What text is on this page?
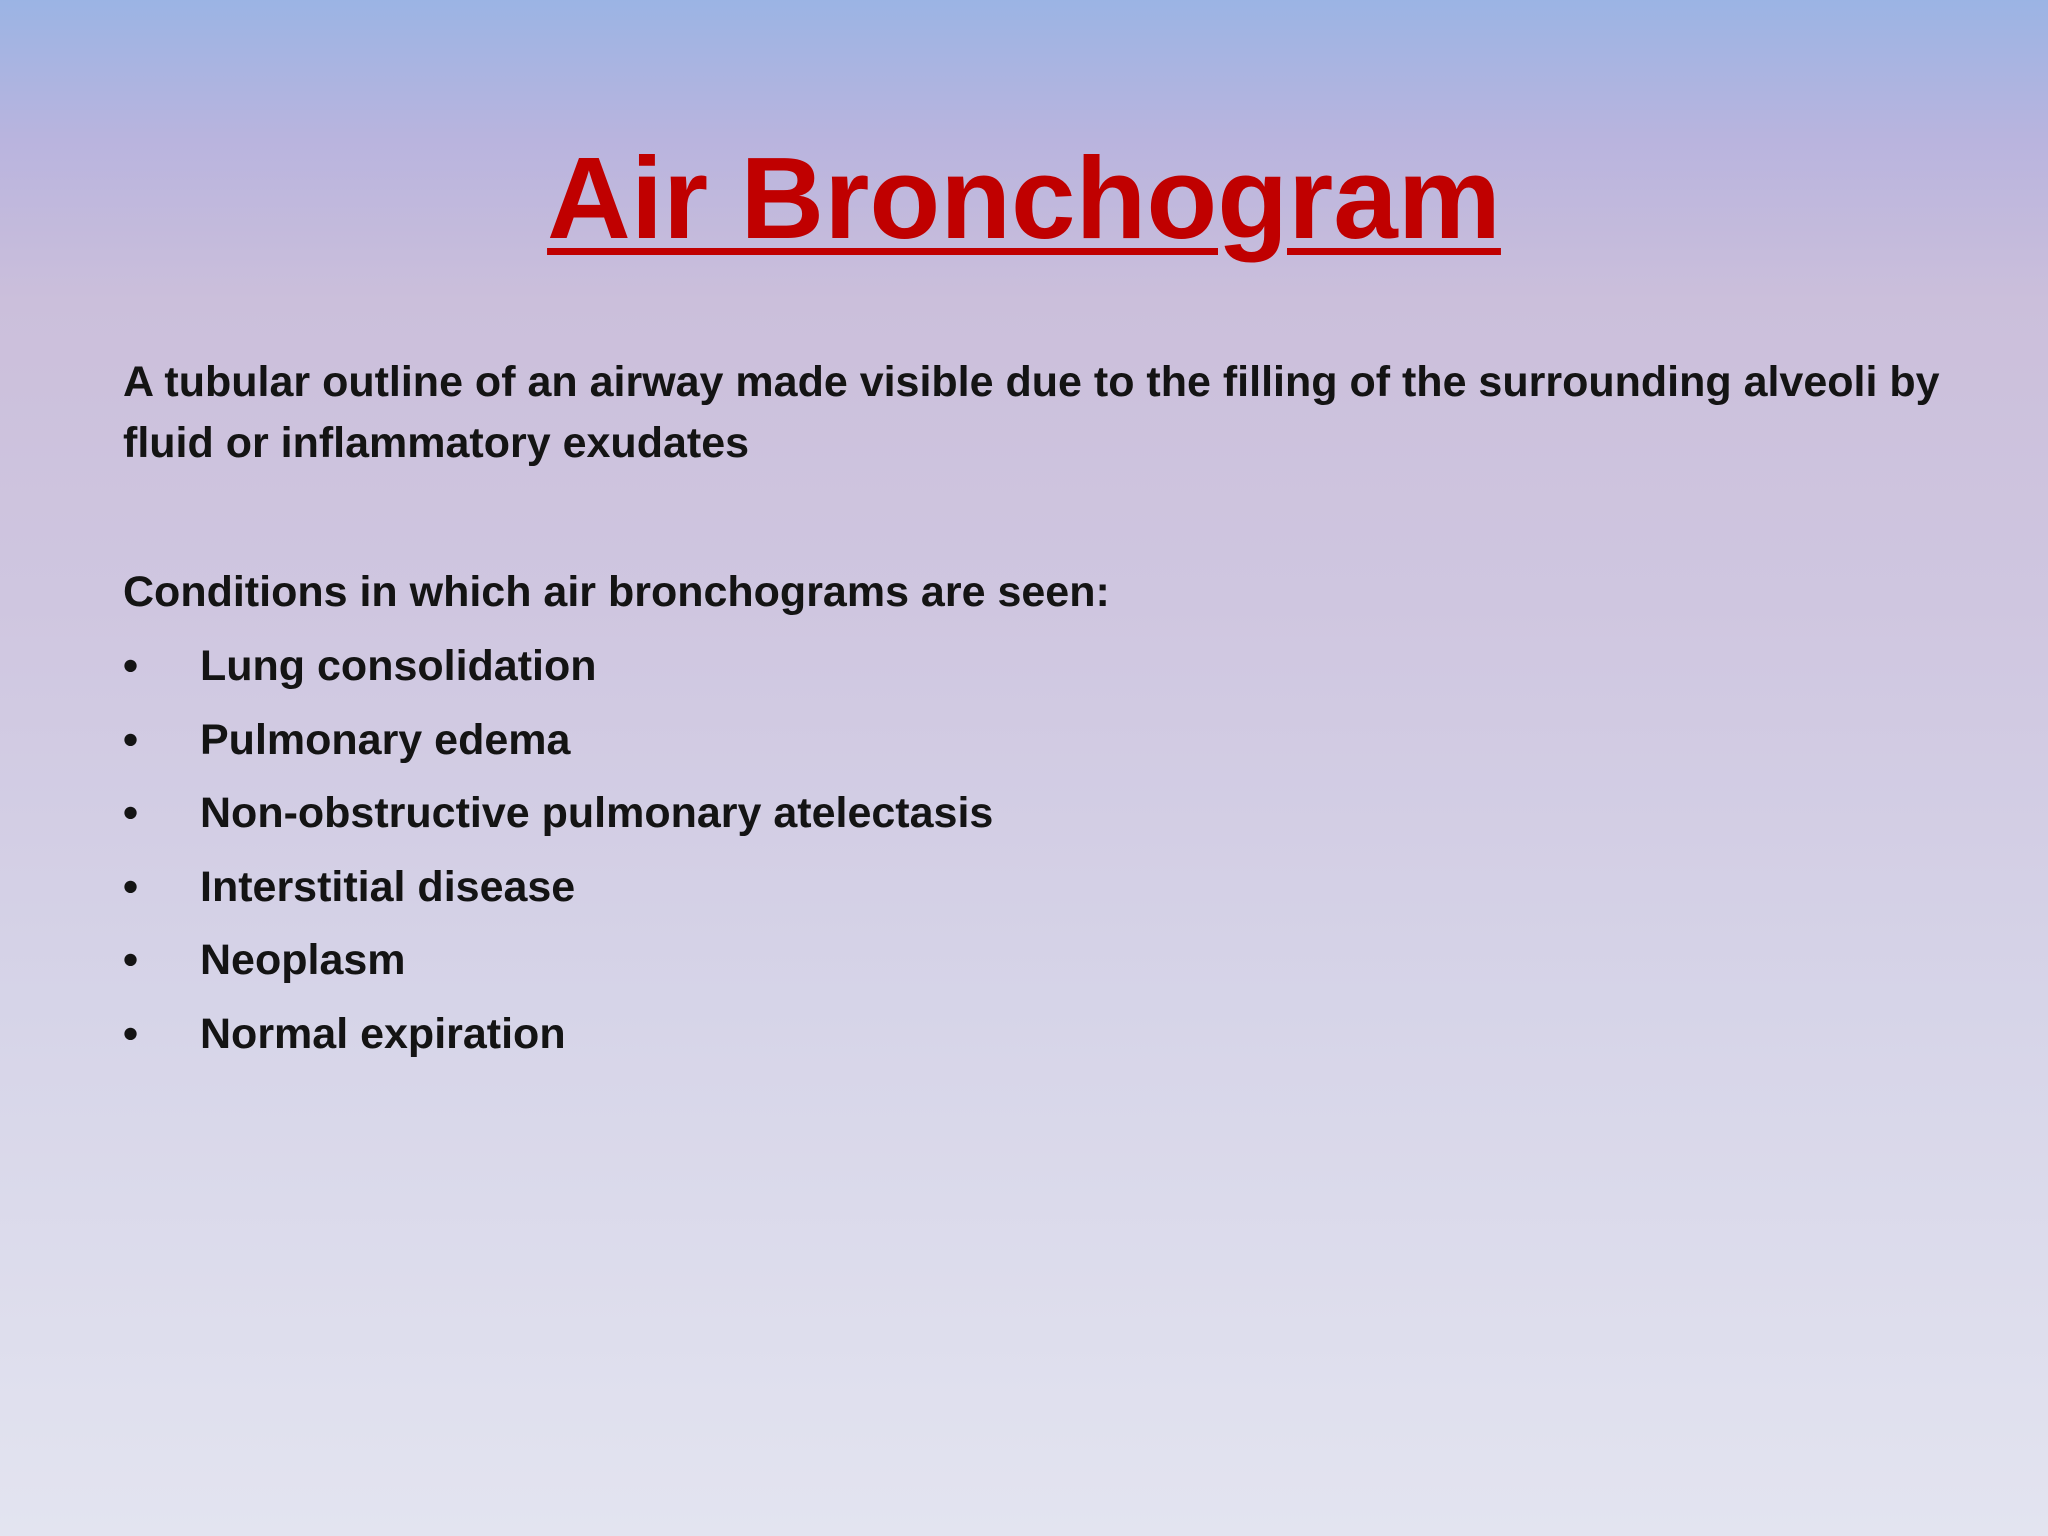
Air Bronchogram
A tubular outline of an airway made visible due to the filling of the surrounding alveoli by fluid or inflammatory exudates
Conditions in which air bronchograms are seen:
•	Lung consolidation
•	Pulmonary edema
•	Non-obstructive pulmonary atelectasis
•	Interstitial disease
•	Neoplasm
•	Normal expiration
